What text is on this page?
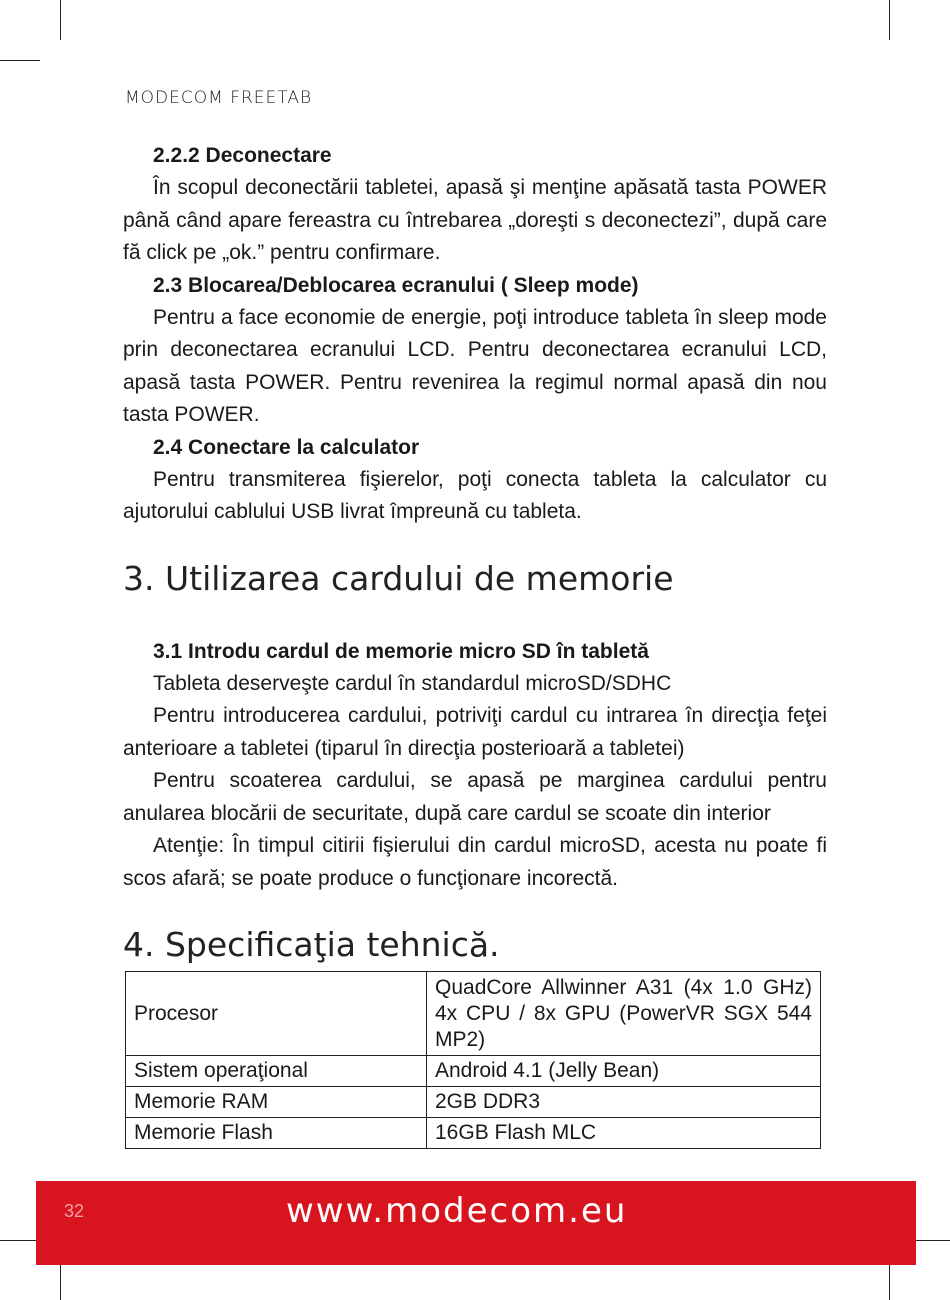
MODECOM FREETAB

2.2.2 Deconectare

În scopul deconectării tabletei, apasă şi menţine apăsată tasta POWER până când apare fereastra cu întrebarea „doreşti s deconectezi”, după care fă click pe „ok.” pentru confirmare.

2.3 Blocarea/Deblocarea ecranului ( Sleep mode)

Pentru a face economie de energie, poţi introduce tableta în sleep mode prin deconectarea ecranului LCD. Pentru deconectarea ecranului LCD, apasă tasta POWER. Pentru revenirea la regimul normal apasă din nou tasta POWER.

2.4 Conectare la calculator

Pentru transmiterea fişierelor, poţi conecta tableta la calculator cu ajutorului cablului USB livrat împreună cu tableta.

3. Utilizarea cardului de memorie

3.1 Introdu cardul de memorie micro SD în tabletă

Tableta deserveşte cardul în standardul microSD/SDHC

Pentru introducerea cardului, potriviţi cardul cu intrarea în direcţia feţei anterioare a tabletei (tiparul în direcţia posterioară a tabletei)

Pentru scoaterea cardului, se apasă pe marginea cardului pentru anularea blocării de securitate, după care cardul se scoate din interior

Atenţie: În timpul citirii fişierului din cardul microSD, acesta nu poate fi scos afară; se poate produce o funcţionare incorectă.

4. Specificaţia tehnică.
Procesor	QuadCore Allwinner A31 (4x 1.0 GHz) 4x CPU / 8x GPU (PowerVR SGX 544 MP2)
Sistem operaţional	Android 4.1 (Jelly Bean)
Memorie RAM	2GB DDR3
Memorie Flash	16GB Flash MLC
32	www.modecom.eu
